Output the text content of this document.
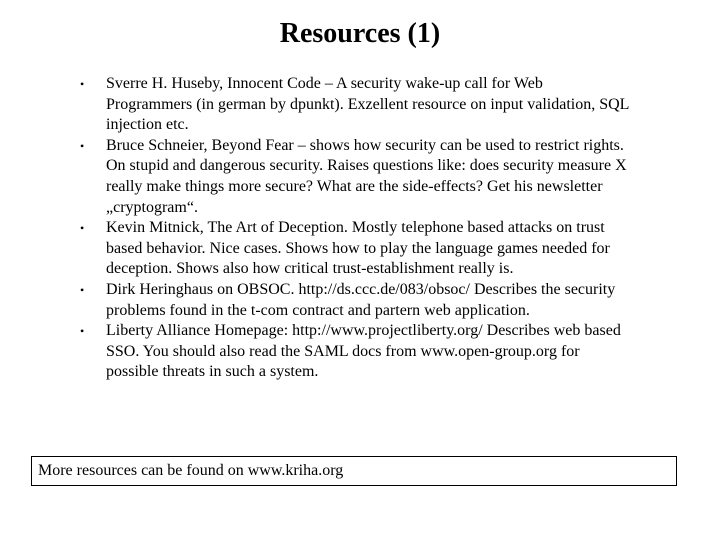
Resources (1)
• Sverre H. Huseby, Innocent Code – A security wake-up call for Web Programmers (in german by dpunkt). Exzellent resource on input validation, SQL injection etc.
• Bruce Schneier, Beyond Fear – shows how security can be used to restrict rights. On stupid and dangerous security. Raises questions like: does security measure X really make things more secure? What are the side-effects? Get his newsletter „cryptogram“.
• Kevin Mitnick, The Art of Deception. Mostly telephone based attacks on trust based behavior. Nice cases. Shows how to play the language games needed for deception. Shows also how critical trust-establishment really is.
• Dirk Heringhaus on OBSOC. http://ds.ccc.de/083/obsoc/ Describes the security problems found in the t-com contract and partern web application.
• Liberty Alliance Homepage: http://www.projectliberty.org/ Describes web based SSO. You should also read the SAML docs from www.open-group.org for possible threats in such a system.
More resources can be found on www.kriha.org
